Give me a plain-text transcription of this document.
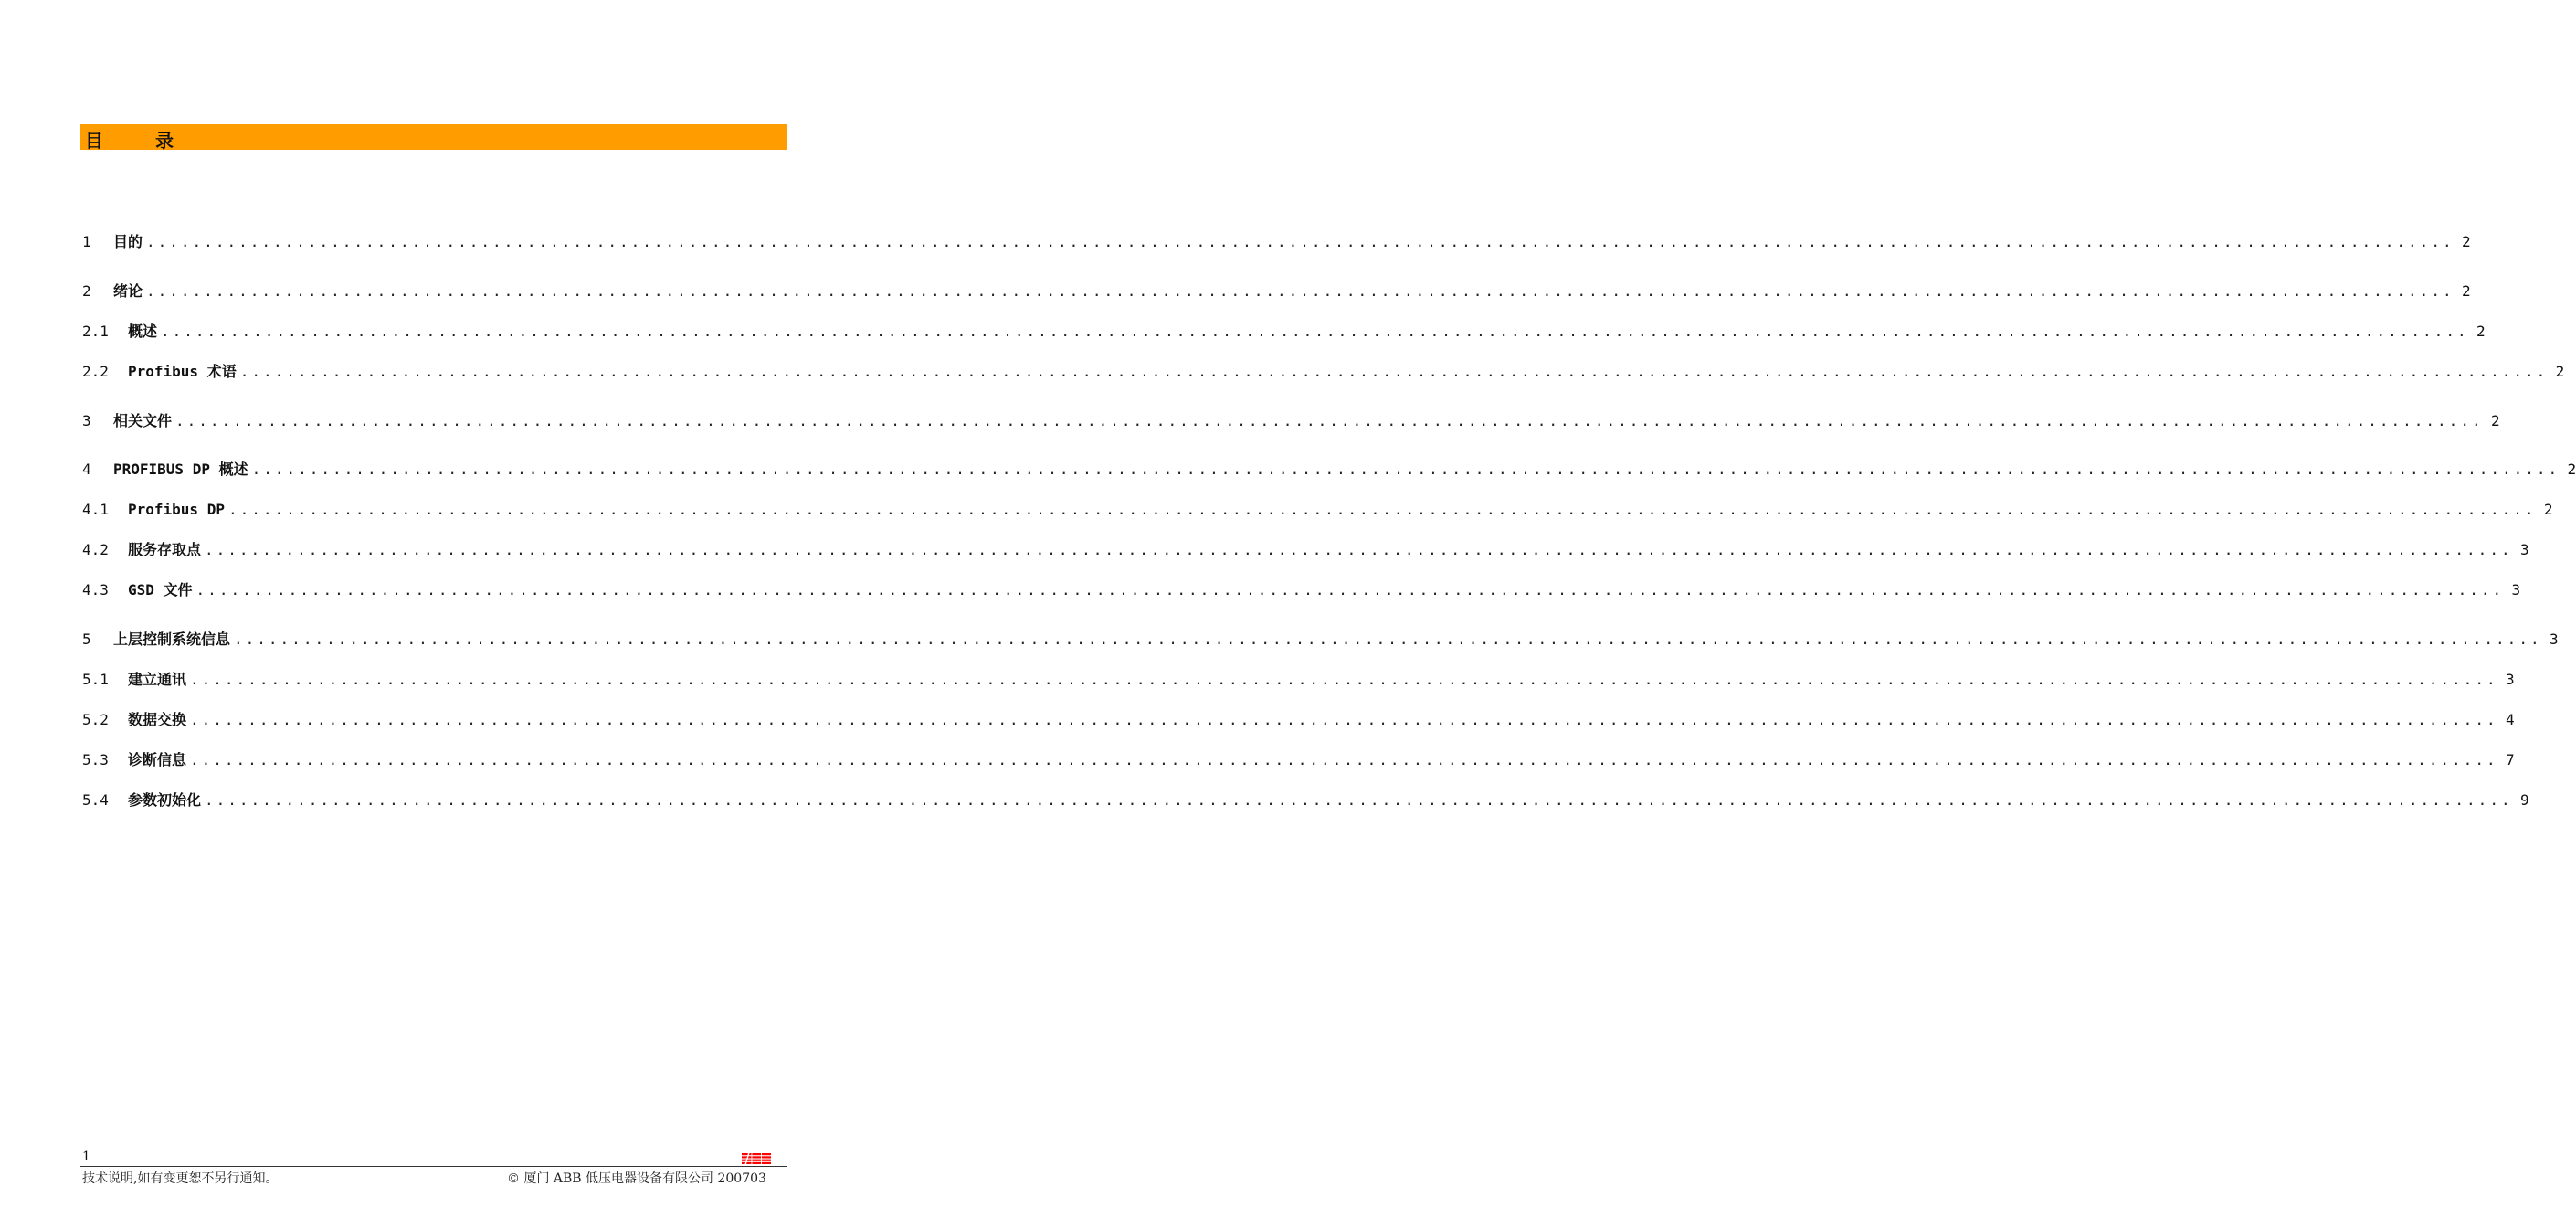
目	录
1	目的 ........................................................................................................................................................................................................ 2
2	绪论 ........................................................................................................................................................................................................ 2
2.1	概述 ........................................................................................................................................................................................................ 2
2.2	Profibus 术语 ........................................................................................................................................................................................................ 2
3	相关文件 ........................................................................................................................................................................................................ 2
4	PROFIBUS DP 概述 ........................................................................................................................................................................................................ 2
4.1	Profibus DP ........................................................................................................................................................................................................ 2
4.2	服务存取点 ........................................................................................................................................................................................................ 3
4.3	GSD 文件 ........................................................................................................................................................................................................ 3
5	上层控制系统信息 ........................................................................................................................................................................................................ 3
5.1	建立通讯 ........................................................................................................................................................................................................ 3
5.2	数据交换 ........................................................................................................................................................................................................ 4
5.3	诊断信息 ........................................................................................................................................................................................................ 7
5.4	参数初始化 ........................................................................................................................................................................................................ 9
1
技术说明,如有变更恕不另行通知。	© 厦门 ABB 低压电器设备有限公司 200703
